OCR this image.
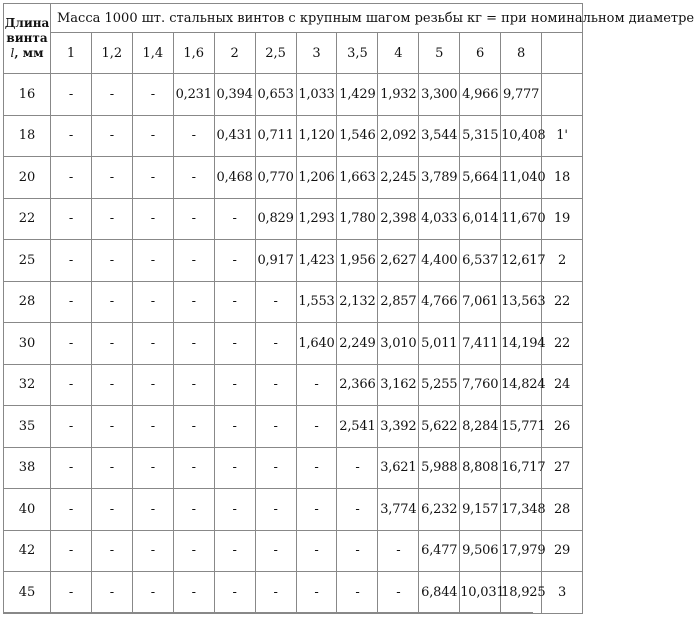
Длина
винта
l, мм	Масса 1000 шт. стальных винтов с крупным шагом резьбы кг = при номинальном диаметре												
	1	1,2	1,4	1,6	2	2,5	3	3,5	4	5	6	8	
16	-	-	-	0,231	0,394	0,653	1,033	1,429	1,932	3,300	4,966	9,777	
18	-	-	-	-	0,431	0,711	1,120	1,546	2,092	3,544	5,315	10,408	1'
20	-	-	-	-	0,468	0,770	1,206	1,663	2,245	3,789	5,664	11,040	18
22	-	-	-	-	-	0,829	1,293	1,780	2,398	4,033	6,014	11,670	19
25	-	-	-	-	-	0,917	1,423	1,956	2,627	4,400	6,537	12,617	2
28	-	-	-	-	-	-	1,553	2,132	2,857	4,766	7,061	13,563	22
30	-	-	-	-	-	-	1,640	2,249	3,010	5,011	7,411	14,194	22
32	-	-	-	-	-	-	-	2,366	3,162	5,255	7,760	14,824	24
35	-	-	-	-	-	-	-	2,541	3,392	5,622	8,284	15,771	26
38	-	-	-	-	-	-	-	-	3,621	5,988	8,808	16,717	27
40	-	-	-	-	-	-	-	-	3,774	6,232	9,157	17,348	28
42	-	-	-	-	-	-	-	-	-	6,477	9,506	17,979	29
45	-	-	-	-	-	-	-	-	-	6,844	10,031	18,925	3
